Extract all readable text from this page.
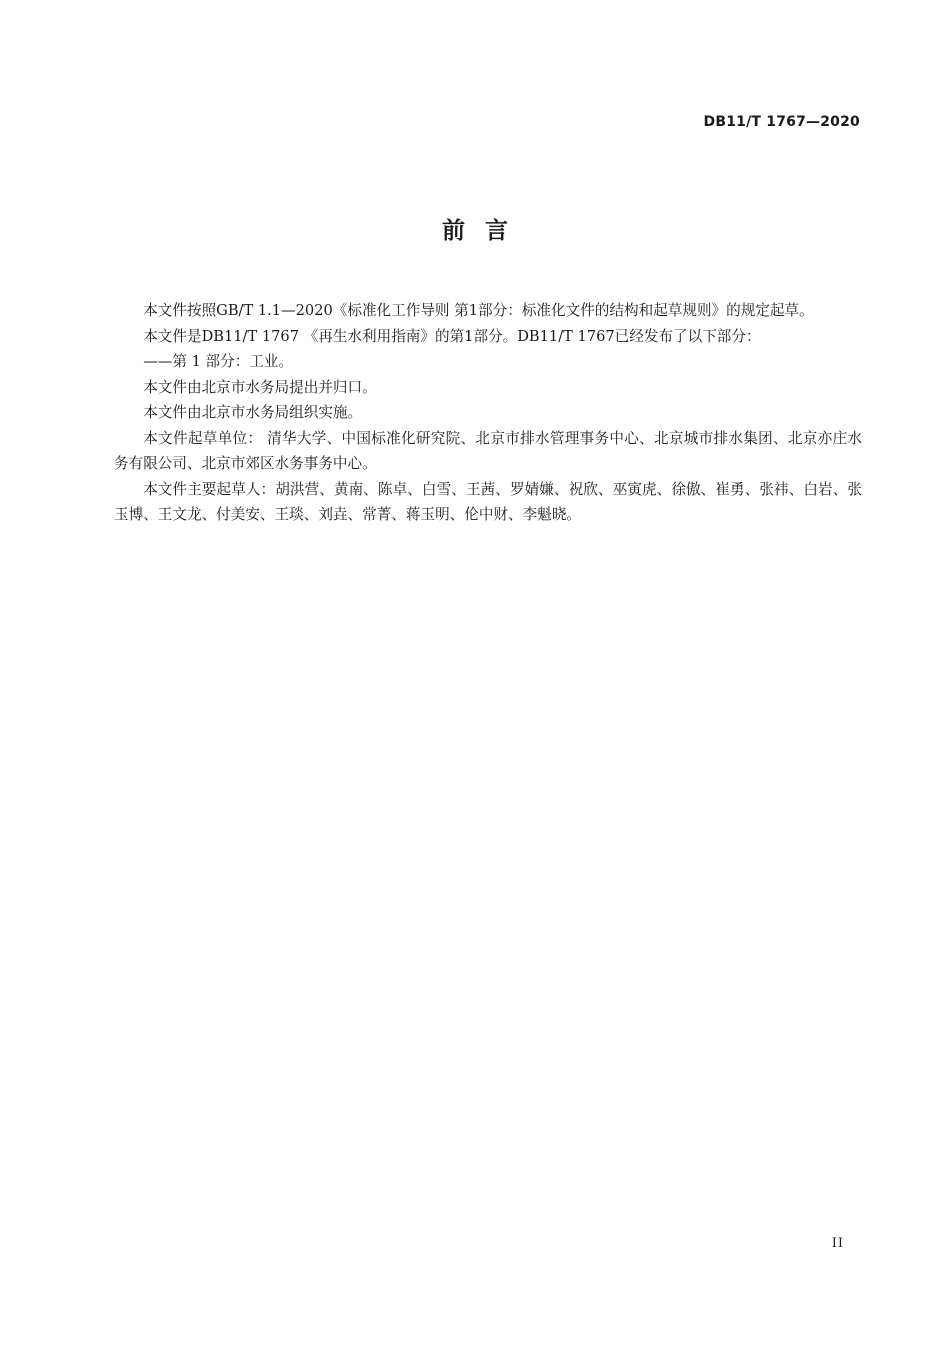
DB11/T 1767—2020
前言

本文件按照GB/T 1.1—2020《标准化工作导则 第1部分：标准化文件的结构和起草规则》的规定起草。

本文件是DB11/T 1767 《再生水利用指南》的第1部分。DB11/T 1767已经发布了以下部分：

——第 1 部分：工业。

本文件由北京市水务局提出并归口。

本文件由北京市水务局组织实施。

本文件起草单位： 清华大学、中国标准化研究院、北京市排水管理事务中心、北京城市排水集团、北京亦庄水务有限公司、北京市郊区水务事务中心。

本文件主要起草人：胡洪营、黄南、陈卓、白雪、王茜、罗婧嫌、祝欣、巫寅虎、徐傲、崔勇、张祎、白岩、张玉博、王文龙、付美安、王琰、刘垚、常菁、蒋玉明、伦中财、李魁晓。

II
